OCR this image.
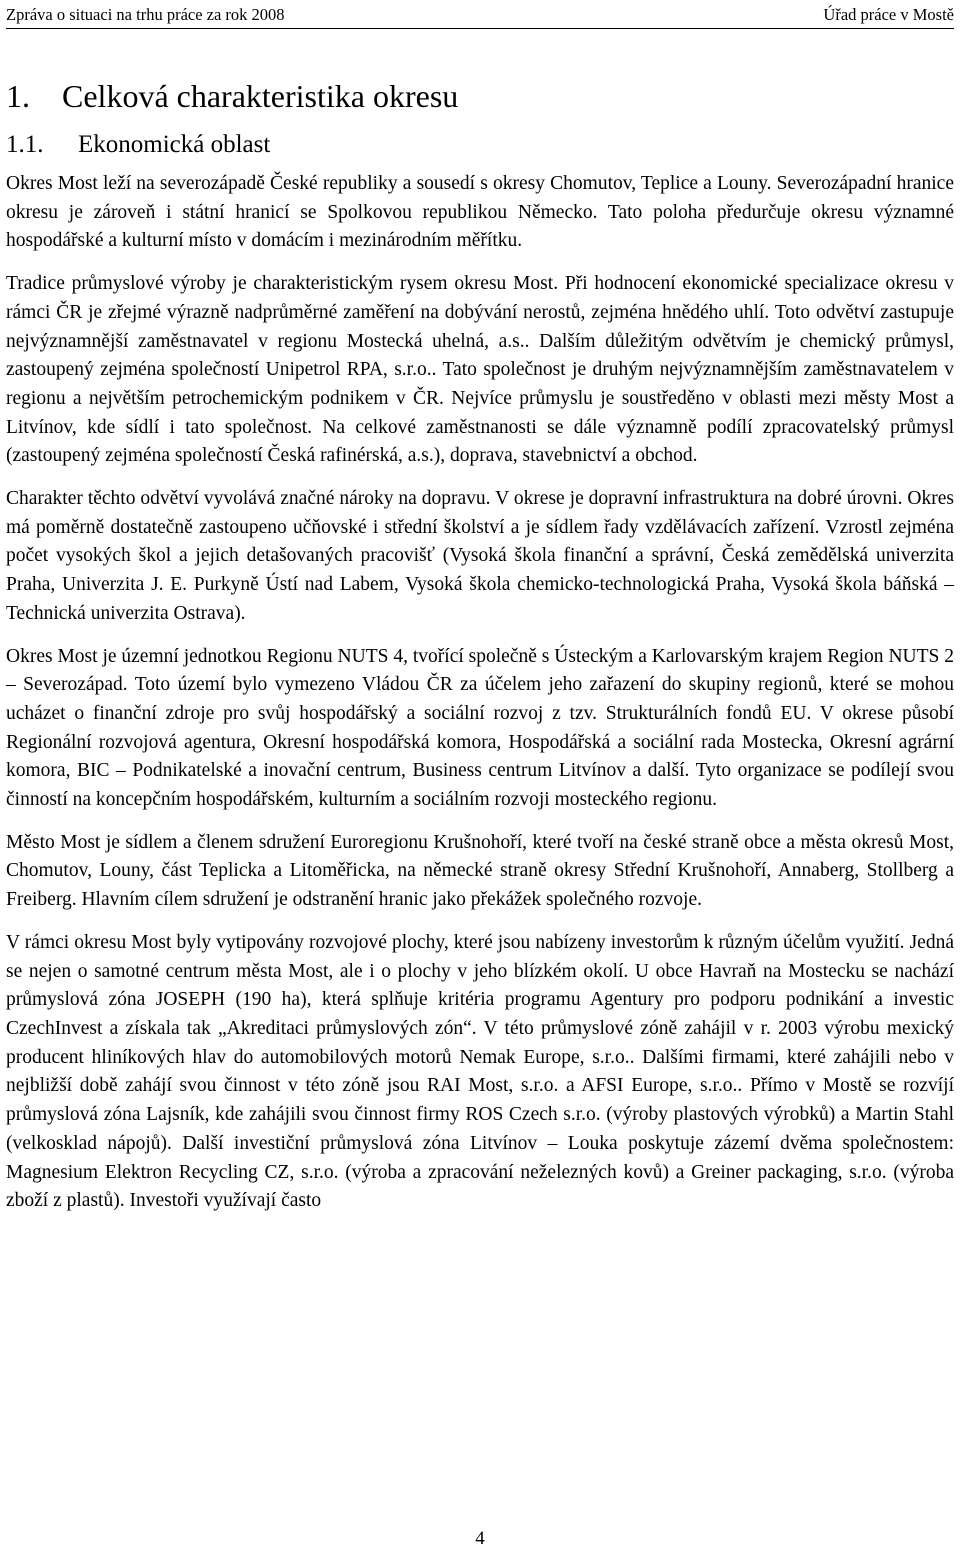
Zpráva o situaci na trhu práce za rok 2008	Úřad práce v Mostě
1. Celková charakteristika okresu
1.1. Ekonomická oblast

Okres Most leží na severozápadě České republiky a sousedí s okresy Chomutov, Teplice a Louny. Severozápadní hranice okresu je zároveň i státní hranicí se Spolkovou republikou Německo. Tato poloha předurčuje okresu významné hospodářské a kulturní místo v domácím i mezinárodním měřítku.

Tradice průmyslové výroby je charakteristickým rysem okresu Most. Při hodnocení ekonomické specializace okresu v rámci ČR je zřejmé výrazně nadprůměrné zaměření na dobývání nerostů, zejména hnědého uhlí. Toto odvětví zastupuje nejvýznamnější zaměstnavatel v regionu Mostecká uhelná, a.s.. Dalším důležitým odvětvím je chemický průmysl, zastoupený zejména společností Unipetrol RPA, s.r.o.. Tato společnost je druhým nejvýznamnějším zaměstnavatelem v regionu a největším petrochemickým podnikem v ČR. Nejvíce průmyslu je soustředěno v oblasti mezi městy Most a Litvínov, kde sídlí i tato společnost. Na celkové zaměstnanosti se dále významně podílí zpracovatelský průmysl (zastoupený zejména společností Česká rafinérská, a.s.), doprava, stavebnictví a obchod.

Charakter těchto odvětví vyvolává značné nároky na dopravu. V okrese je dopravní infrastruktura na dobré úrovni. Okres má poměrně dostatečně zastoupeno učňovské i střední školství a je sídlem řady vzdělávacích zařízení. Vzrostl zejména počet vysokých škol a jejich detašovaných pracovišť (Vysoká škola finanční a správní, Česká zemědělská univerzita Praha, Univerzita J. E. Purkyně Ústí nad Labem, Vysoká škola chemicko-technologická Praha, Vysoká škola báňská – Technická univerzita Ostrava).

Okres Most je územní jednotkou Regionu NUTS 4, tvořící společně s Ústeckým a Karlovarským krajem Region NUTS 2 – Severozápad. Toto území bylo vymezeno Vládou ČR za účelem jeho zařazení do skupiny regionů, které se mohou ucházet o finanční zdroje pro svůj hospodářský a sociální rozvoj z tzv. Strukturálních fondů EU. V okrese působí Regionální rozvojová agentura, Okresní hospodářská komora, Hospodářská a sociální rada Mostecka, Okresní agrární komora, BIC – Podnikatelské a inovační centrum, Business centrum Litvínov a další. Tyto organizace se podílejí svou činností na koncepčním hospodářském, kulturním a sociálním rozvoji mosteckého regionu.

Město Most je sídlem a členem sdružení Euroregionu Krušnohoří, které tvoří na české straně obce a města okresů Most, Chomutov, Louny, část Teplicka a Litoměřicka, na německé straně okresy Střední Krušnohoří, Annaberg, Stollberg a Freiberg. Hlavním cílem sdružení je odstranění hranic jako překážek společného rozvoje.

V rámci okresu Most byly vytipovány rozvojové plochy, které jsou nabízeny investorům k různým účelům využití. Jedná se nejen o samotné centrum města Most, ale i o plochy v jeho blízkém okolí. U obce Havraň na Mostecku se nachází průmyslová zóna JOSEPH (190 ha), která splňuje kritéria programu Agentury pro podporu podnikání a investic CzechInvest a získala tak „Akreditaci průmyslových zón“. V této průmyslové zóně zahájil v r. 2003 výrobu mexický producent hliníkových hlav do automobilových motorů Nemak Europe, s.r.o.. Dalšími firmami, které zahájili nebo v nejbližší době zahájí svou činnost v této zóně jsou RAI Most, s.r.o. a AFSI Europe, s.r.o.. Přímo v Mostě se rozvíjí průmyslová zóna Lajsník, kde zahájili svou činnost firmy ROS Czech s.r.o. (výroby plastových výrobků) a Martin Stahl (velkosklad nápojů). Další investiční průmyslová zóna Litvínov – Louka poskytuje zázemí dvěma společnostem: Magnesium Elektron Recycling CZ, s.r.o. (výroba a zpracování neželezných kovů) a Greiner packaging, s.r.o. (výroba zboží z plastů). Investoři využívají často

4
